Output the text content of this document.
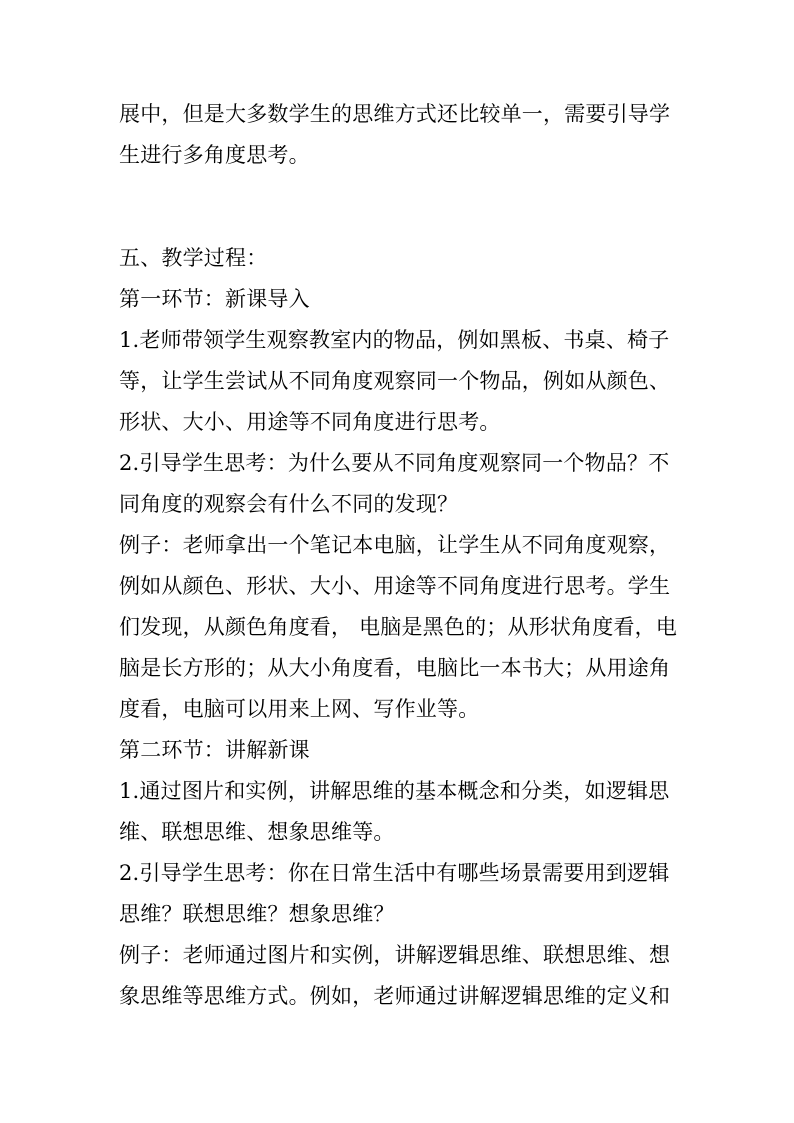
展中，但是大多数学生的思维方式还比较单一，需要引导学
生进行多角度思考。
五、教学过程：
第一环节：新课导入
1.老师带领学生观察教室内的物品，例如黑板、书桌、椅子
等，让学生尝试从不同角度观察同一个物品，例如从颜色、
形状、大小、用途等不同角度进行思考。
2.引导学生思考：为什么要从不同角度观察同一个物品？不
同角度的观察会有什么不同的发现？
例子：老师拿出一个笔记本电脑，让学生从不同角度观察，
例如从颜色、形状、大小、用途等不同角度进行思考。学生
们发现，从颜色角度看， 电脑是黑色的；从形状角度看，电
脑是长方形的；从大小角度看，电脑比一本书大；从用途角
度看，电脑可以用来上网、写作业等。
第二环节：讲解新课
1.通过图片和实例，讲解思维的基本概念和分类，如逻辑思
维、联想思维、想象思维等。
2.引导学生思考：你在日常生活中有哪些场景需要用到逻辑
思维？联想思维？想象思维？
例子：老师通过图片和实例，讲解逻辑思维、联想思维、想
象思维等思维方式。例如，老师通过讲解逻辑思维的定义和
